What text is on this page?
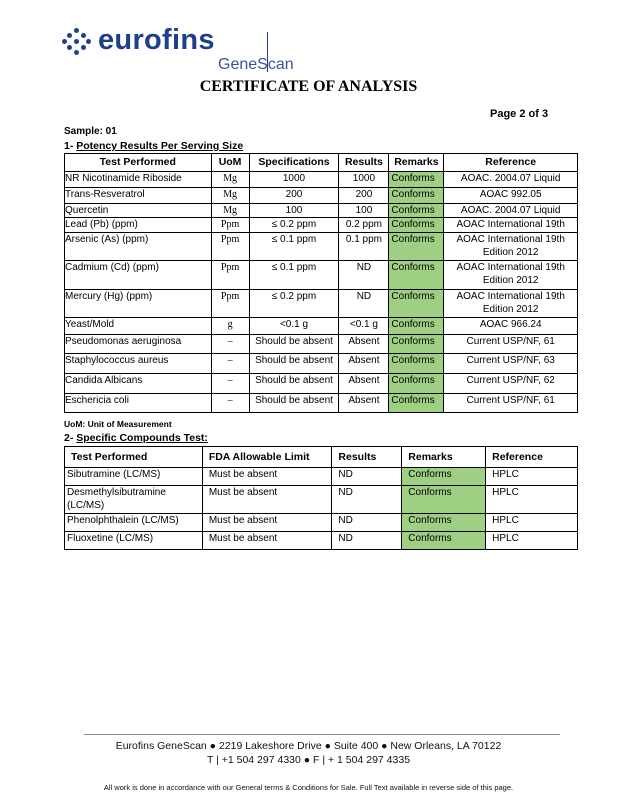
eurofins
GeneScan
CERTIFICATE OF ANALYSIS
Page 2 of 3
Sample: 01
1- Potency Results Per Serving Size
Test Performed	UoM	Specifications	Results	Remarks	Reference
NR Nicotinamide Riboside	Mg	1000	1000	Conforms	AOAC. 2004.07 Liquid
Trans-Resveratrol	Mg	200	200	Conforms	AOAC 992.05
Quercetin	Mg	100	100	Conforms	AOAC. 2004.07 Liquid
Lead (Pb) (ppm)	Ppm	≤ 0.2 ppm	0.2 ppm	Conforms	AOAC International 19th
Arsenic (As) (ppm)	Ppm	≤ 0.1 ppm	0.1 ppm	Conforms	AOAC International 19th Edition 2012
Cadmium (Cd) (ppm)	Ppm	≤ 0.1 ppm	ND	Conforms	AOAC International 19th Edition 2012
Mercury (Hg) (ppm)	Ppm	≤ 0.2 ppm	ND	Conforms	AOAC International 19th Edition 2012
Yeast/Mold	g	<0.1 g	<0.1 g	Conforms	AOAC 966.24
Pseudomonas aeruginosa	–	Should be absent	Absent	Conforms	Current USP/NF, 61
Staphylococcus aureus	–	Should be absent	Absent	Conforms	Current USP/NF, 63
Candida Albicans	–	Should be absent	Absent	Conforms	Current USP/NF, 62
Eschericia coli	–	Should be absent	Absent	Conforms	Current USP/NF, 61
UoM: Unit of Measurement
2- Specific Compounds Test:
Test Performed	FDA Allowable Limit	Results	Remarks	Reference
Sibutramine (LC/MS)	Must be absent	ND	Conforms	HPLC
Desmethylsibutramine (LC/MS)	Must be absent	ND	Conforms	HPLC
Phenolphthalein (LC/MS)	Must be absent	ND	Conforms	HPLC
Fluoxetine (LC/MS)	Must be absent	ND	Conforms	HPLC
Eurofins GeneScan ● 2219 Lakeshore Drive ● Suite 400 ● New Orleans, LA 70122
T | +1 504 297 4330 ● F | + 1 504 297 4335
All work is done in accordance with our General terms & Conditions for Sale. Full Text available in reverse side of this page.
